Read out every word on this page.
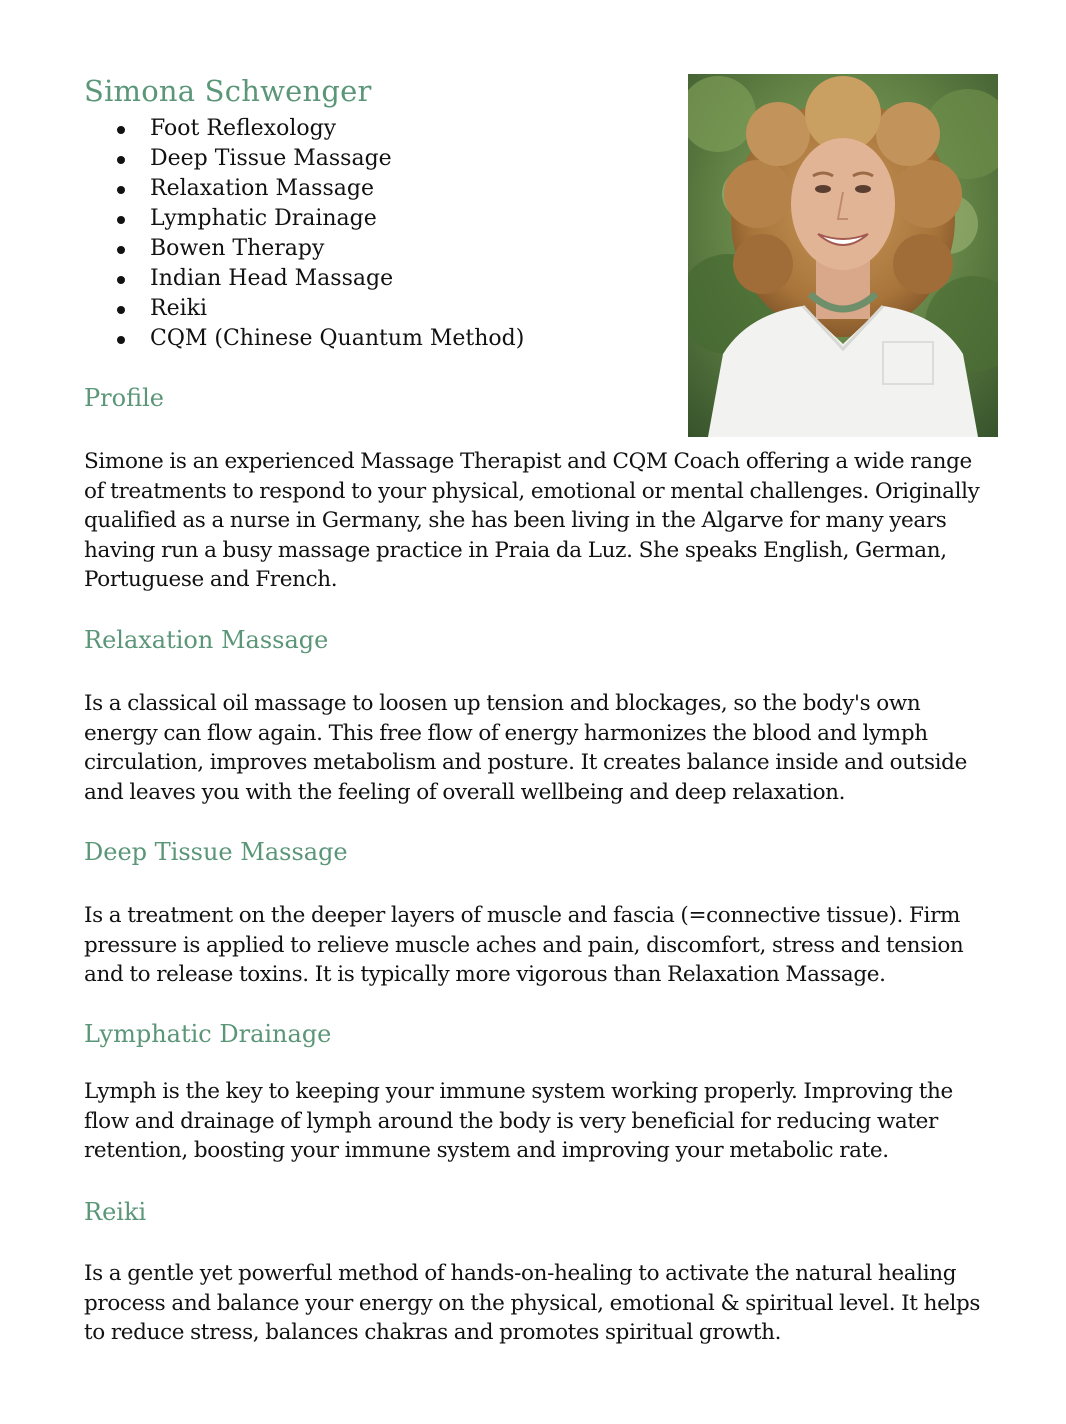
Simona Schwenger
Foot Reflexology
Deep Tissue Massage
Relaxation Massage
Lymphatic Drainage
Bowen Therapy
Indian Head Massage
Reiki
CQM (Chinese Quantum Method)
Profile

Simone is an experienced Massage Therapist and CQM Coach offering a wide range of treatments to respond to your physical, emotional or mental challenges. Originally qualified as a nurse in Germany, she has been living in the Algarve for many years having run a busy massage practice in Praia da Luz. She speaks English, German, Portuguese and French.

Relaxation Massage

Is a classical oil massage to loosen up tension and blockages, so the body's own energy can flow again. This free flow of energy harmonizes the blood and lymph circulation, improves metabolism and posture. It creates balance inside and outside and leaves you with the feeling of overall wellbeing and deep relaxation.

Deep Tissue Massage

Is a treatment on the deeper layers of muscle and fascia (=connective tissue). Firm pressure is applied to relieve muscle aches and pain, discomfort, stress and tension and to release toxins. It is typically more vigorous than Relaxation Massage.

Lymphatic Drainage

Lymph is the key to keeping your immune system working properly. Improving the flow and drainage of lymph around the body is very beneficial for reducing water retention, boosting your immune system and improving your metabolic rate.

Reiki

Is a gentle yet powerful method of hands-on-healing to activate the natural healing process and balance your energy on the physical, emotional & spiritual level. It helps to reduce stress, balances chakras and promotes spiritual growth.
